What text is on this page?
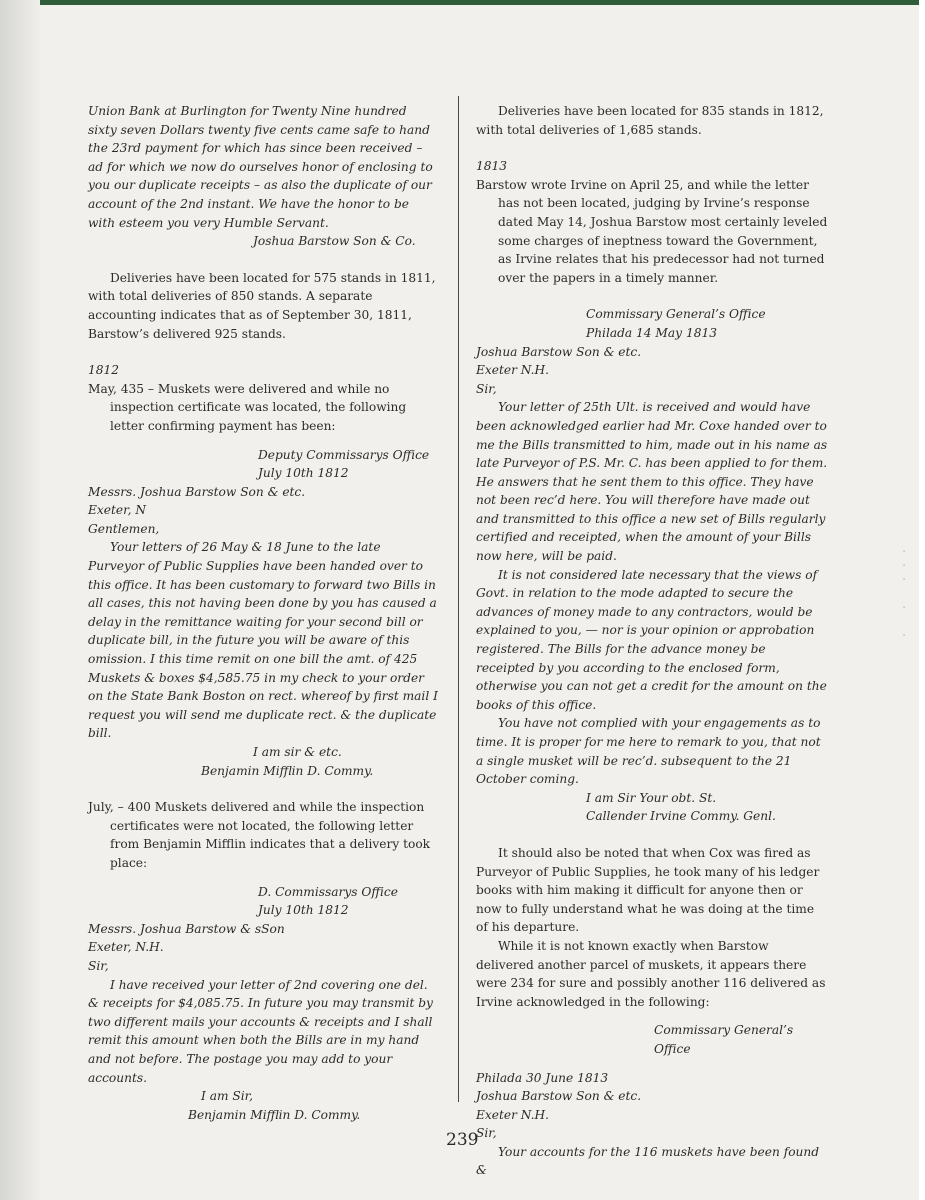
Union Bank at Burlington for Twenty Nine hundred sixty seven Dollars twenty five cents came safe to hand the 23rd payment for which has since been received – ad for which we now do ourselves honor of enclosing to you our duplicate receipts – as also the duplicate of our account of the 2nd instant. We have the honor to be with esteem you very Humble Servant.

Joshua Barstow Son & Co.

Deliveries have been located for 575 stands in 1811, with total deliveries of 850 stands. A separate accounting indicates that as of September 30, 1811, Barstow’s delivered 925 stands.

1812

May, 435 – Muskets were delivered and while no inspection certificate was located, the following letter confirming payment has been:

Deputy Commissarys Office

July 10th 1812

Messrs. Joshua Barstow Son & etc.

Exeter, N

Gentlemen,

Your letters of 26 May & 18 June to the late Purveyor of Public Supplies have been handed over to this office. It has been customary to forward two Bills in all cases, this not having been done by you has caused a delay in the remittance waiting for your second bill or duplicate bill, in the future you will be aware of this omission. I this time remit on one bill the amt. of 425 Muskets & boxes $4,585.75 in my check to your order on the State Bank Boston on rect. whereof by first mail I request you will send me duplicate rect. & the duplicate bill.

I am sir & etc.

Benjamin Mifflin D. Commy.

July, – 400 Muskets delivered and while the inspection certificates were not located, the following letter from Benjamin Mifflin indicates that a delivery took place:

D. Commissarys Office

July 10th 1812

Messrs. Joshua Barstow & sSon

Exeter, N.H.

Sir,

I have received your letter of 2nd covering one del. & receipts for $4,085.75. In future you may transmit by two different mails your accounts & receipts and I shall remit this amount when both the Bills are in my hand and not before. The postage you may add to your accounts.

I am Sir,

Benjamin Mifflin D. Commy.

Deliveries have been located for 835 stands in 1812, with total deliveries of 1,685 stands.

1813

Barstow wrote Irvine on April 25, and while the letter has not been located, judging by Irvine’s response dated May 14, Joshua Barstow most certainly leveled some charges of ineptness toward the Government, as Irvine relates that his predecessor had not turned over the papers in a timely manner.

Commissary General’s Office

Philada 14 May 1813

Joshua Barstow Son & etc.

Exeter N.H.

Sir,

Your letter of 25th Ult. is received and would have been acknowledged earlier had Mr. Coxe handed over to me the Bills transmitted to him, made out in his name as late Purveyor of P.S. Mr. C. has been applied to for them. He answers that he sent them to this office. They have not been rec’d here. You will therefore have made out and transmitted to this office a new set of Bills regularly certified and receipted, when the amount of your Bills now here, will be paid.

It is not considered late necessary that the views of Govt. in relation to the mode adapted to secure the advances of money made to any contractors, would be explained to you, — nor is your opinion or approbation registered. The Bills for the advance money be receipted by you according to the enclosed form, otherwise you can not get a credit for the amount on the books of this office.

You have not complied with your engagements as to time. It is proper for me here to remark to you, that not a single musket will be rec’d. subsequent to the 21 October coming.

I am Sir Your obt. St.

Callender Irvine Commy. Genl.

It should also be noted that when Cox was fired as Purveyor of Public Supplies, he took many of his ledger books with him making it difficult for anyone then or now to fully understand what he was doing at the time of his departure.

While it is not known exactly when Barstow delivered another parcel of muskets, it appears there were 234 for sure and possibly another 116 delivered as Irvine acknowledged in the following:

Commissary General’s Office

Philada 30 June 1813

Joshua Barstow Son & etc.

Exeter N.H.

Sir,

Your accounts for the 116 muskets have been found &

⸱
⸱
⸱

⸱

⸱
239
